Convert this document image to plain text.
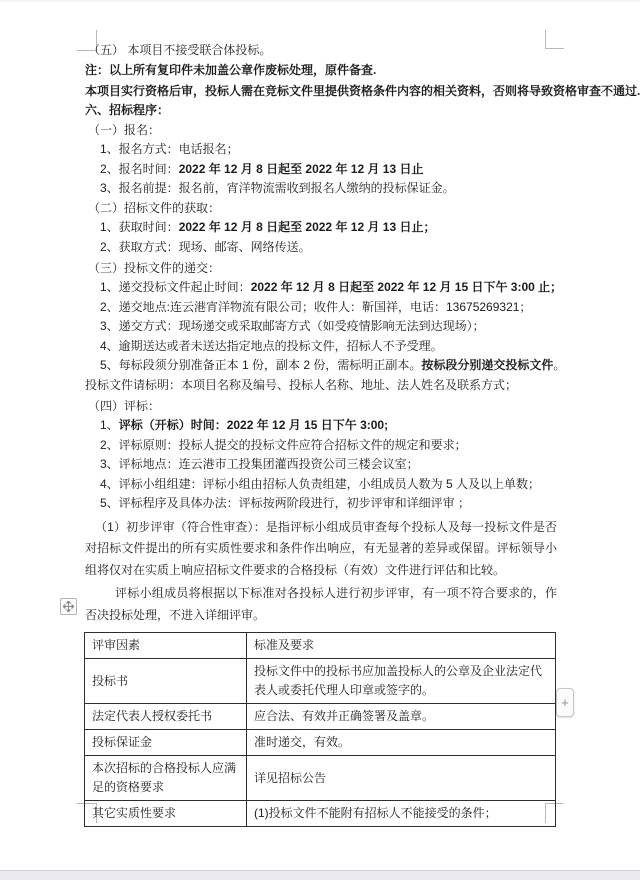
（五） 本项目不接受联合体投标。
注：以上所有复印件未加盖公章作废标处理，原件备查.
本项目实行资格后审，投标人需在竞标文件里提供资格条件内容的相关资料，否则将导致资格审查不通过.
六、招标程序：
（一）报名：
1、报名方式：电话报名；
2、报名时间：2022 年 12 月 8 日起至 2022 年 12 月 13 日止
3、报名前提：报名前，宵洋物流需收到报名人缴纳的投标保证金。
（二）招标文件的获取：
1、获取时间：2022 年 12 月 8 日起至 2022 年 12 月 13 日止；
2、获取方式：现场、邮寄、网络传送。
（三）投标文件的递交：
1、递交投标文件起止时间：2022 年 12 月 8 日起至 2022 年 12 月 15 日下午 3:00 止；
2、递交地点:连云港宵洋物流有限公司；收件人：靳国祥，电话：13675269321；
3、递交方式：现场递交或采取邮寄方式（如受疫情影响无法到达现场）；
4、逾期送达或者未送达指定地点的投标文件，招标人不予受理。
5、每标段须分别准备正本 1 份，副本 2 份，需标明正副本。按标段分别递交投标文件。
投标文件请标明：本项目名称及编号、投标人名称、地址、法人姓名及联系方式；
（四）评标：
1、评标（开标）时间：2022 年 12 月 15 日下午 3:00;
2、评标原则：投标人提交的投标文件应符合招标文件的规定和要求；
3、评标地点：连云港市工投集团灌西投资公司三楼会议室；
4、评标小组组建：评标小组由招标人负责组建，小组成员人数为 5 人及以上单数；
5、评标程序及具体办法：评标按两阶段进行，初步评审和详细评审 ；
（1）初步评审（符合性审查）：是指评标小组成员审查每个投标人及每一投标文件是否对招标文件提出的所有实质性要求和条件作出响应，有无显著的差异或保留。评标领导小组将仅对在实质上响应招标文件要求的合格投标（有效）文件进行评估和比较。
评标小组成员将根据以下标准对各投标人进行初步评审，有一项不符合要求的，作否决投标处理，不进入详细评审。
评审因素	标准及要求
投标书	投标文件中的投标书应加盖投标人的公章及企业法定代表人或委托代理人印章或签字的。
法定代表人授权委托书	应合法、有效并正确签署及盖章。
投标保证金	准时递交，有效。
本次招标的合格投标人应满足的资格要求	详见招标公告
其它实质性要求	(1)投标文件不能附有招标人不能接受的条件；
+
